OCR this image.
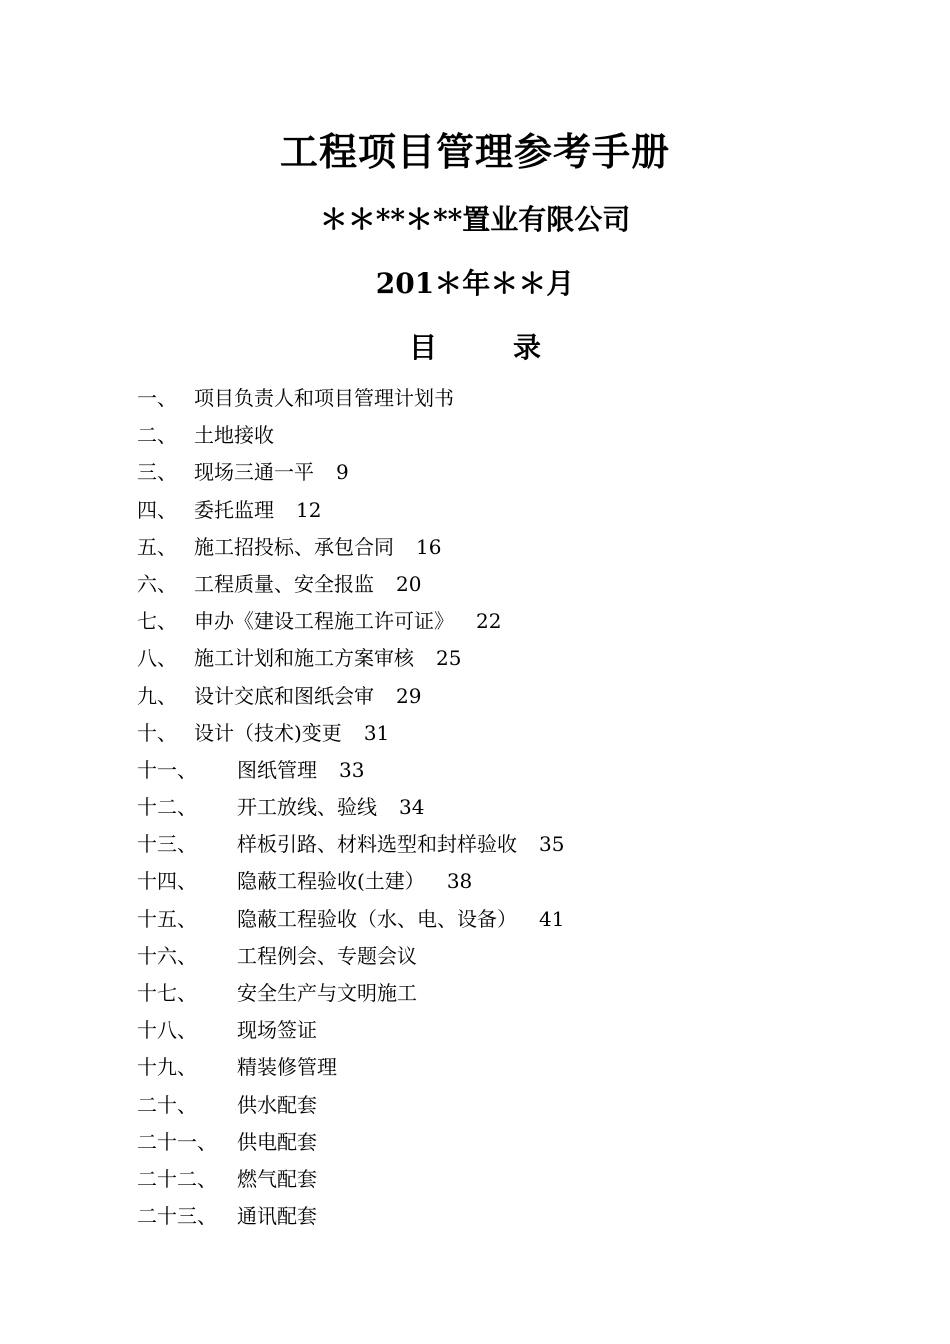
工程项目管理参考手册
＊＊**＊**置业有限公司
201＊年＊＊月
目	录
一、 项目负责人和项目管理计划书
二、 土地接收
三、 现场三通一平 9
四、 委托监理 12
五、 施工招投标、承包合同 16
六、 工程质量、安全报监 20
七、 申办《建设工程施工许可证》 22
八、 施工计划和施工方案审核 25
九、 设计交底和图纸会审 29
十、 设计（技术)变更 31
十一、	图纸管理 33
十二、	开工放线、验线 34
十三、	样板引路、材料选型和封样验收 35
十四、	隐蔽工程验收(土建） 38
十五、	隐蔽工程验收（水、电、设备） 41
十六、	工程例会、专题会议
十七、	安全生产与文明施工
十八、	现场签证
十九、	精装修管理
二十、	供水配套
二十一、	供电配套
二十二、	燃气配套
二十三、	通讯配套
